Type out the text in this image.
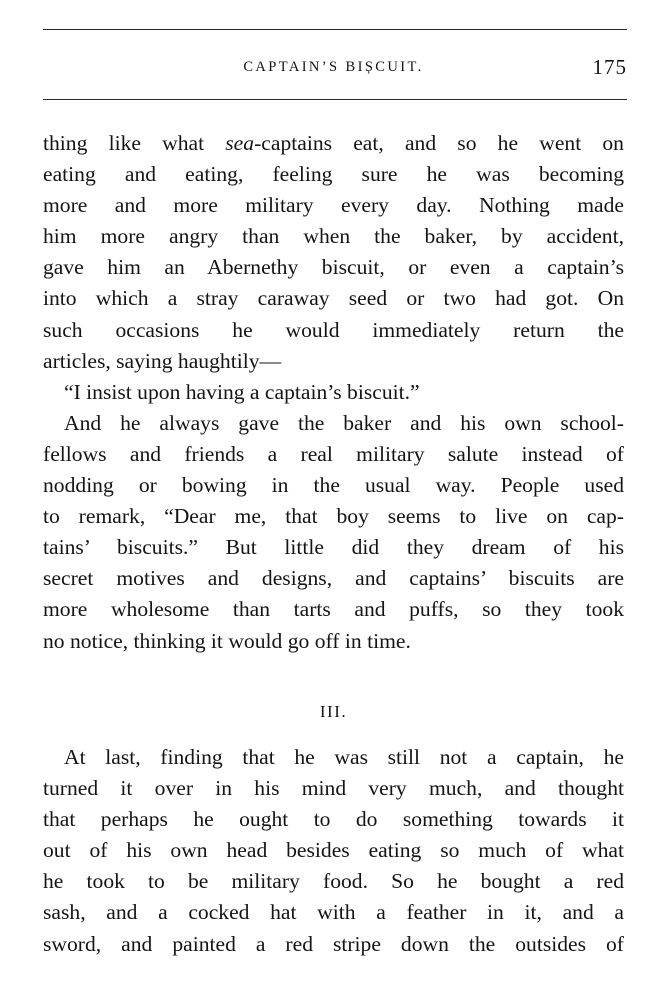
CAPTAIN’S BIȘCUIT.	175
thing like what sea-captains eat, and so he went on
eating and eating, feeling sure he was becoming
more and more military every day. Nothing made
him more angry than when the baker, by accident,
gave him an Abernethy biscuit, or even a captain’s
into which a stray caraway seed or two had got. On
such occasions he would immediately return the
articles, saying haughtily—
“I insist upon having a captain’s biscuit.”
And he always gave the baker and his own school-
fellows and friends a real military salute instead of
nodding or bowing in the usual way. People used
to remark, “Dear me, that boy seems to live on cap-
tains’ biscuits.” But little did they dream of his
secret motives and designs, and captains’ biscuits are
more wholesome than tarts and puffs, so they took
no notice, thinking it would go off in time.
III.
At last, finding that he was still not a captain, he
turned it over in his mind very much, and thought
that perhaps he ought to do something towards it
out of his own head besides eating so much of what
he took to be military food. So he bought a red
sash, and a cocked hat with a feather in it, and a
sword, and painted a red stripe down the outsides of
